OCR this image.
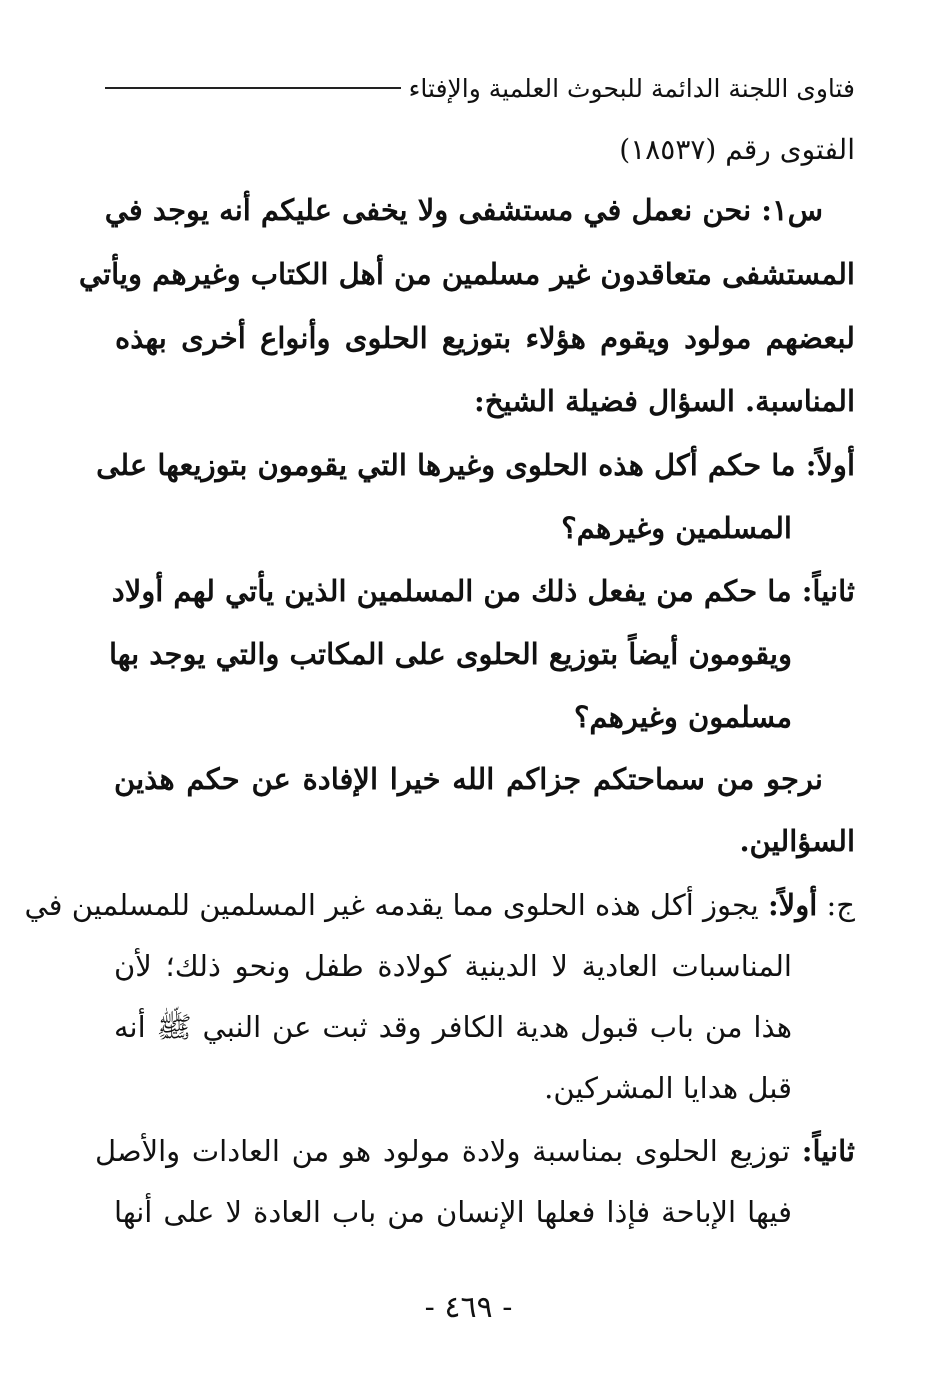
فتاوى اللجنة الدائمة للبحوث العلمية والإفتاء
الفتوى رقم (١٨٥٣٧)
س١: نحن نعمل في مستشفى ولا يخفى عليكم أنه يوجد في
المستشفى متعاقدون غير مسلمين من أهل الكتاب وغيرهم ويأتي
لبعضهم مولود ويقوم هؤلاء بتوزيع الحلوى وأنواع أخرى بهذه
المناسبة. السؤال فضيلة الشيخ:
أولاً: ما حكم أكل هذه الحلوى وغيرها التي يقومون بتوزيعها على
المسلمين وغيرهم؟
ثانياً: ما حكم من يفعل ذلك من المسلمين الذين يأتي لهم أولاد
ويقومون أيضاً بتوزيع الحلوى على المكاتب والتي يوجد بها
مسلمون وغيرهم؟
نرجو من سماحتكم جزاكم الله خيرا الإفادة عن حكم هذين
السؤالين.
ج: أولاً: يجوز أكل هذه الحلوى مما يقدمه غير المسلمين للمسلمين في
المناسبات العادية لا الدينية كولادة طفل ونحو ذلك؛ لأن
هذا من باب قبول هدية الكافر وقد ثبت عن النبي ﷺ أنه
قبل هدايا المشركين.
ثانياً: توزيع الحلوى بمناسبة ولادة مولود هو من العادات والأصل
فيها الإباحة فإذا فعلها الإنسان من باب العادة لا على أنها
- ٤٦٩ -
